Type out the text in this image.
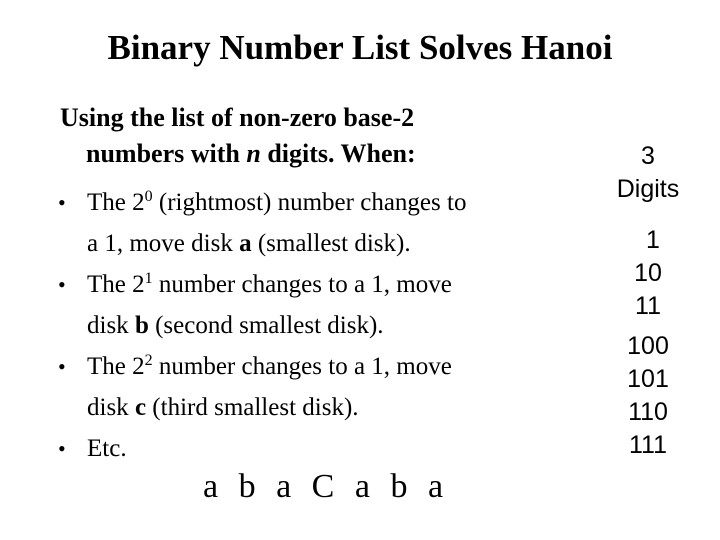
Binary Number List Solves Hanoi
Using the list of non-zero base-2
numbers with n digits. When:
• The $2^0$ (rightmost) number changes to
a 1, move disk a (smallest disk).
• The $2^1$ number changes to a 1, move
disk b (second smallest disk).
• The $2^2$ number changes to a 1, move
disk c (third smallest disk).
• Etc.
a b a C a b a
3
Digits
1
10
11
100
101
110
111
